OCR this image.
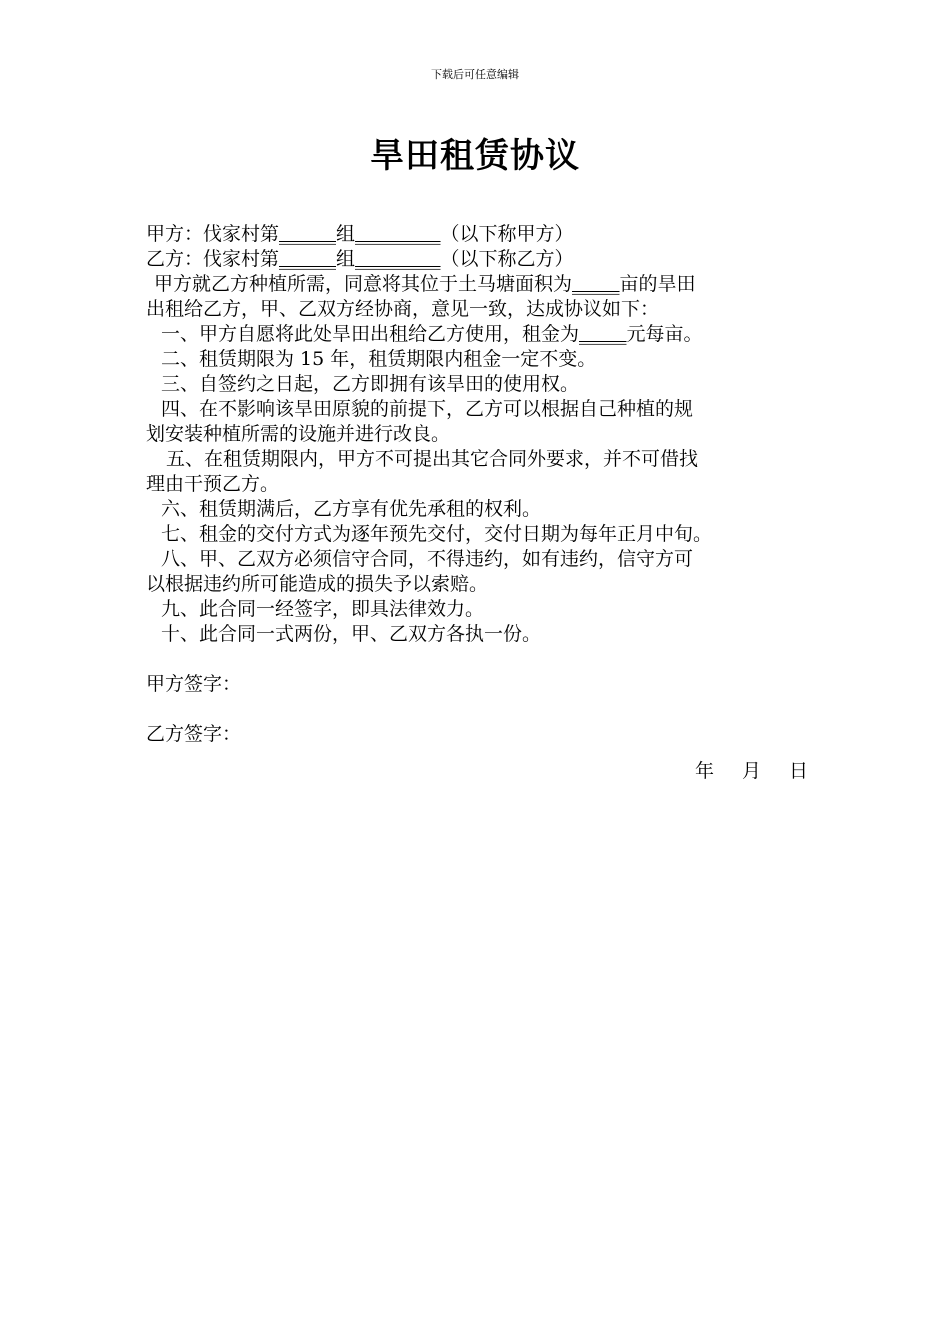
下载后可任意编辑
旱田租赁协议
甲方：伐家村第______组_________（以下称甲方）
乙方：伐家村第______组_________（以下称乙方）
甲方就乙方种植所需，同意将其位于土马塘面积为_____亩的旱田
出租给乙方，甲、乙双方经协商，意见一致，达成协议如下：
一、甲方自愿将此处旱田出租给乙方使用，租金为_____元每亩。
二、租赁期限为 15 年，租赁期限内租金一定不变。
三、自签约之日起，乙方即拥有该旱田的使用权。
四、在不影响该旱田原貌的前提下，乙方可以根据自己种植的规
划安装种植所需的设施并进行改良。
五、在租赁期限内，甲方不可提出其它合同外要求，并不可借找
理由干预乙方。
六、租赁期满后，乙方享有优先承租的权利。
七、租金的交付方式为逐年预先交付，交付日期为每年正月中旬。
八、甲、乙双方必须信守合同，不得违约，如有违约，信守方可
以根据违约所可能造成的损失予以索赔。
九、此合同一经签字，即具法律效力。
十、此合同一式两份，甲、乙双方各执一份。
甲方签字：
乙方签字：
年 月 日
